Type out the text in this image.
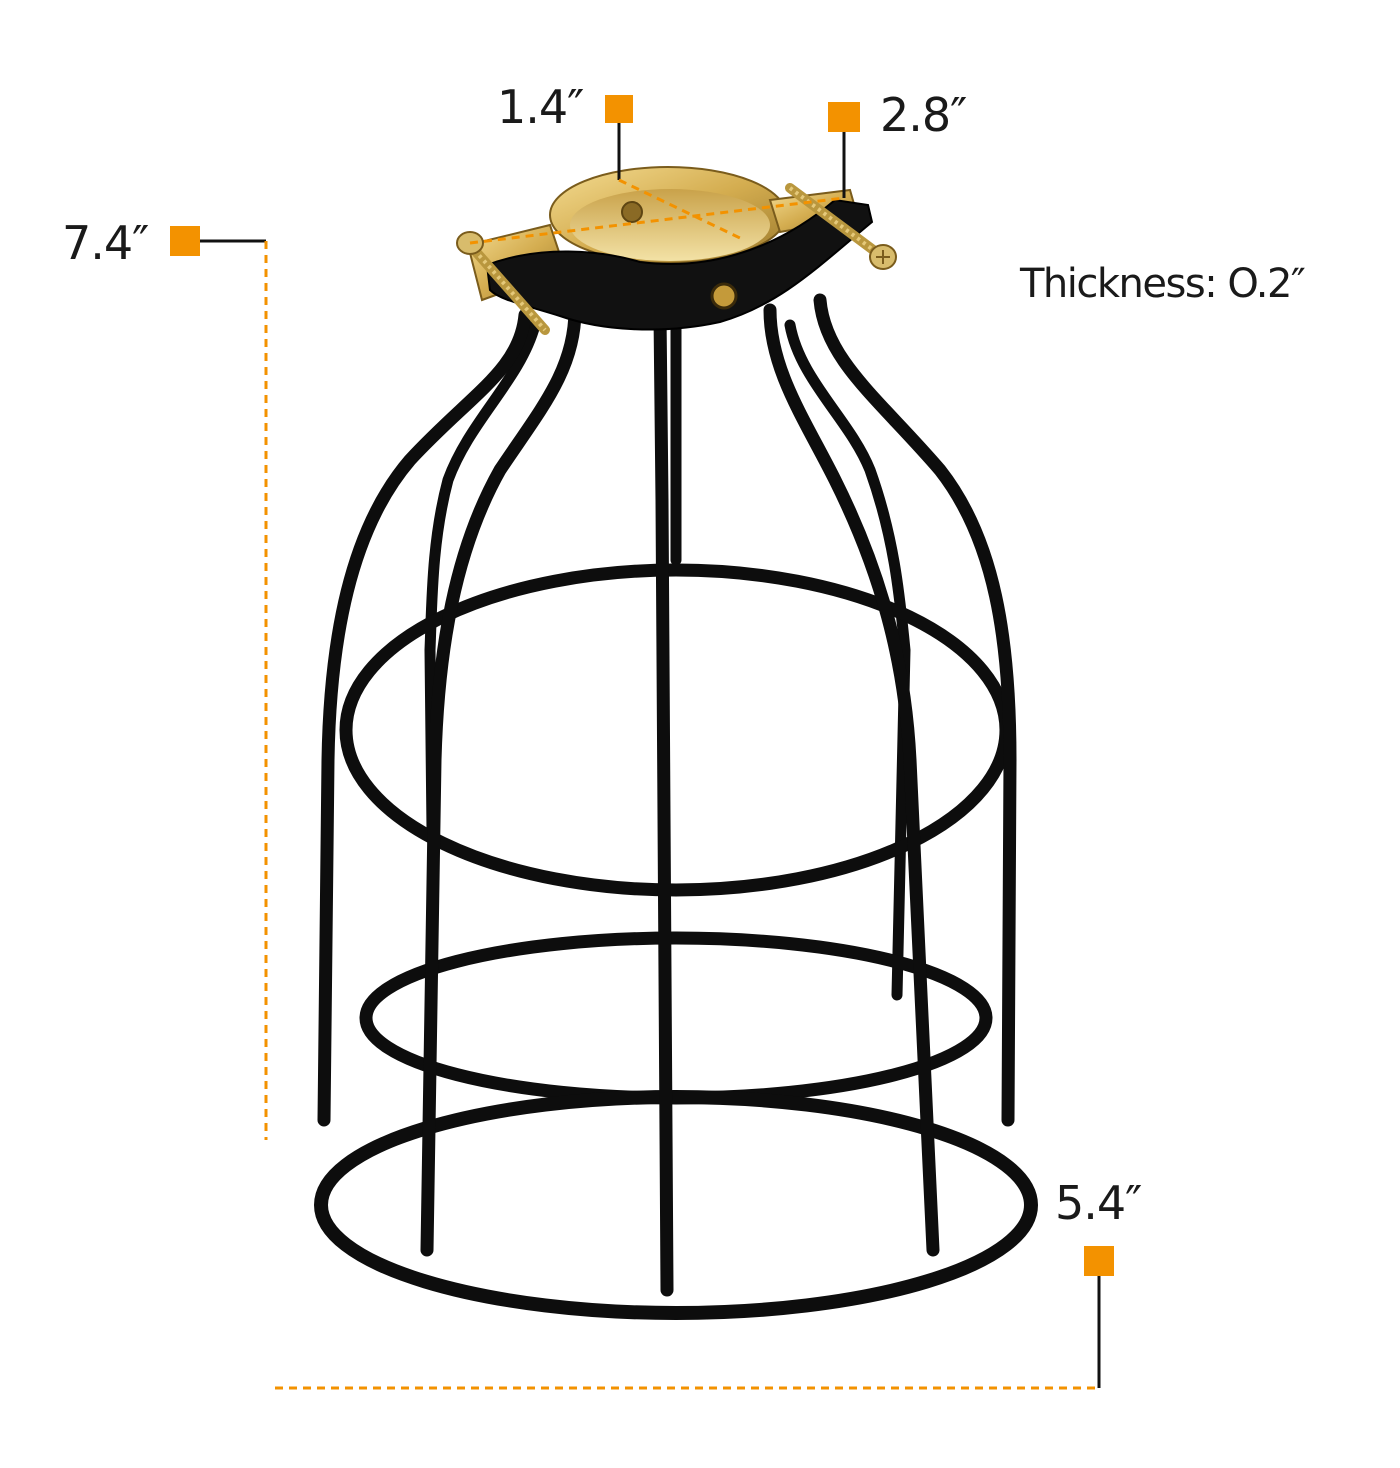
1.4″	2.8″
7.4″
Thickness: O.2″
5.4″
